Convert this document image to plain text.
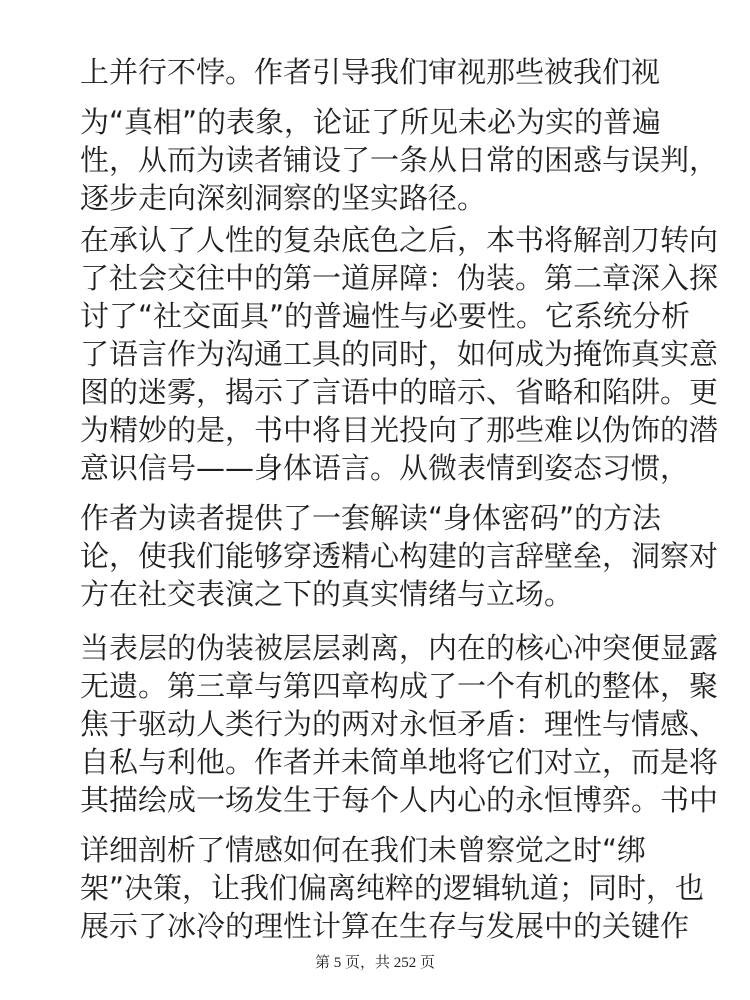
上并行不悖。作者引导我们审视那些被我们视
为“真相”的表象，论证了所见未必为实的普遍
性，从而为读者铺设了一条从日常的困惑与误判，
逐步走向深刻洞察的坚实路径。
在承认了人性的复杂底色之后，本书将解剖刀转向
了社会交往中的第一道屏障：伪装。第二章深入探
讨了“社交面具”的普遍性与必要性。它系统分析
了语言作为沟通工具的同时，如何成为掩饰真实意
图的迷雾，揭示了言语中的暗示、省略和陷阱。更
为精妙的是，书中将目光投向了那些难以伪饰的潜
意识信号——身体语言。从微表情到姿态习惯，
作者为读者提供了一套解读“身体密码”的方法
论，使我们能够穿透精心构建的言辞壁垒，洞察对
方在社交表演之下的真实情绪与立场。
当表层的伪装被层层剥离，内在的核心冲突便显露
无遗。第三章与第四章构成了一个有机的整体，聚
焦于驱动人类行为的两对永恒矛盾：理性与情感、
自私与利他。作者并未简单地将它们对立，而是将
其描绘成一场发生于每个人内心的永恒博弈。书中
详细剖析了情感如何在我们未曾察觉之时“绑
架”决策，让我们偏离纯粹的逻辑轨道；同时，也
展示了冰冷的理性计算在生存与发展中的关键作
第 5 页，共 252 页
